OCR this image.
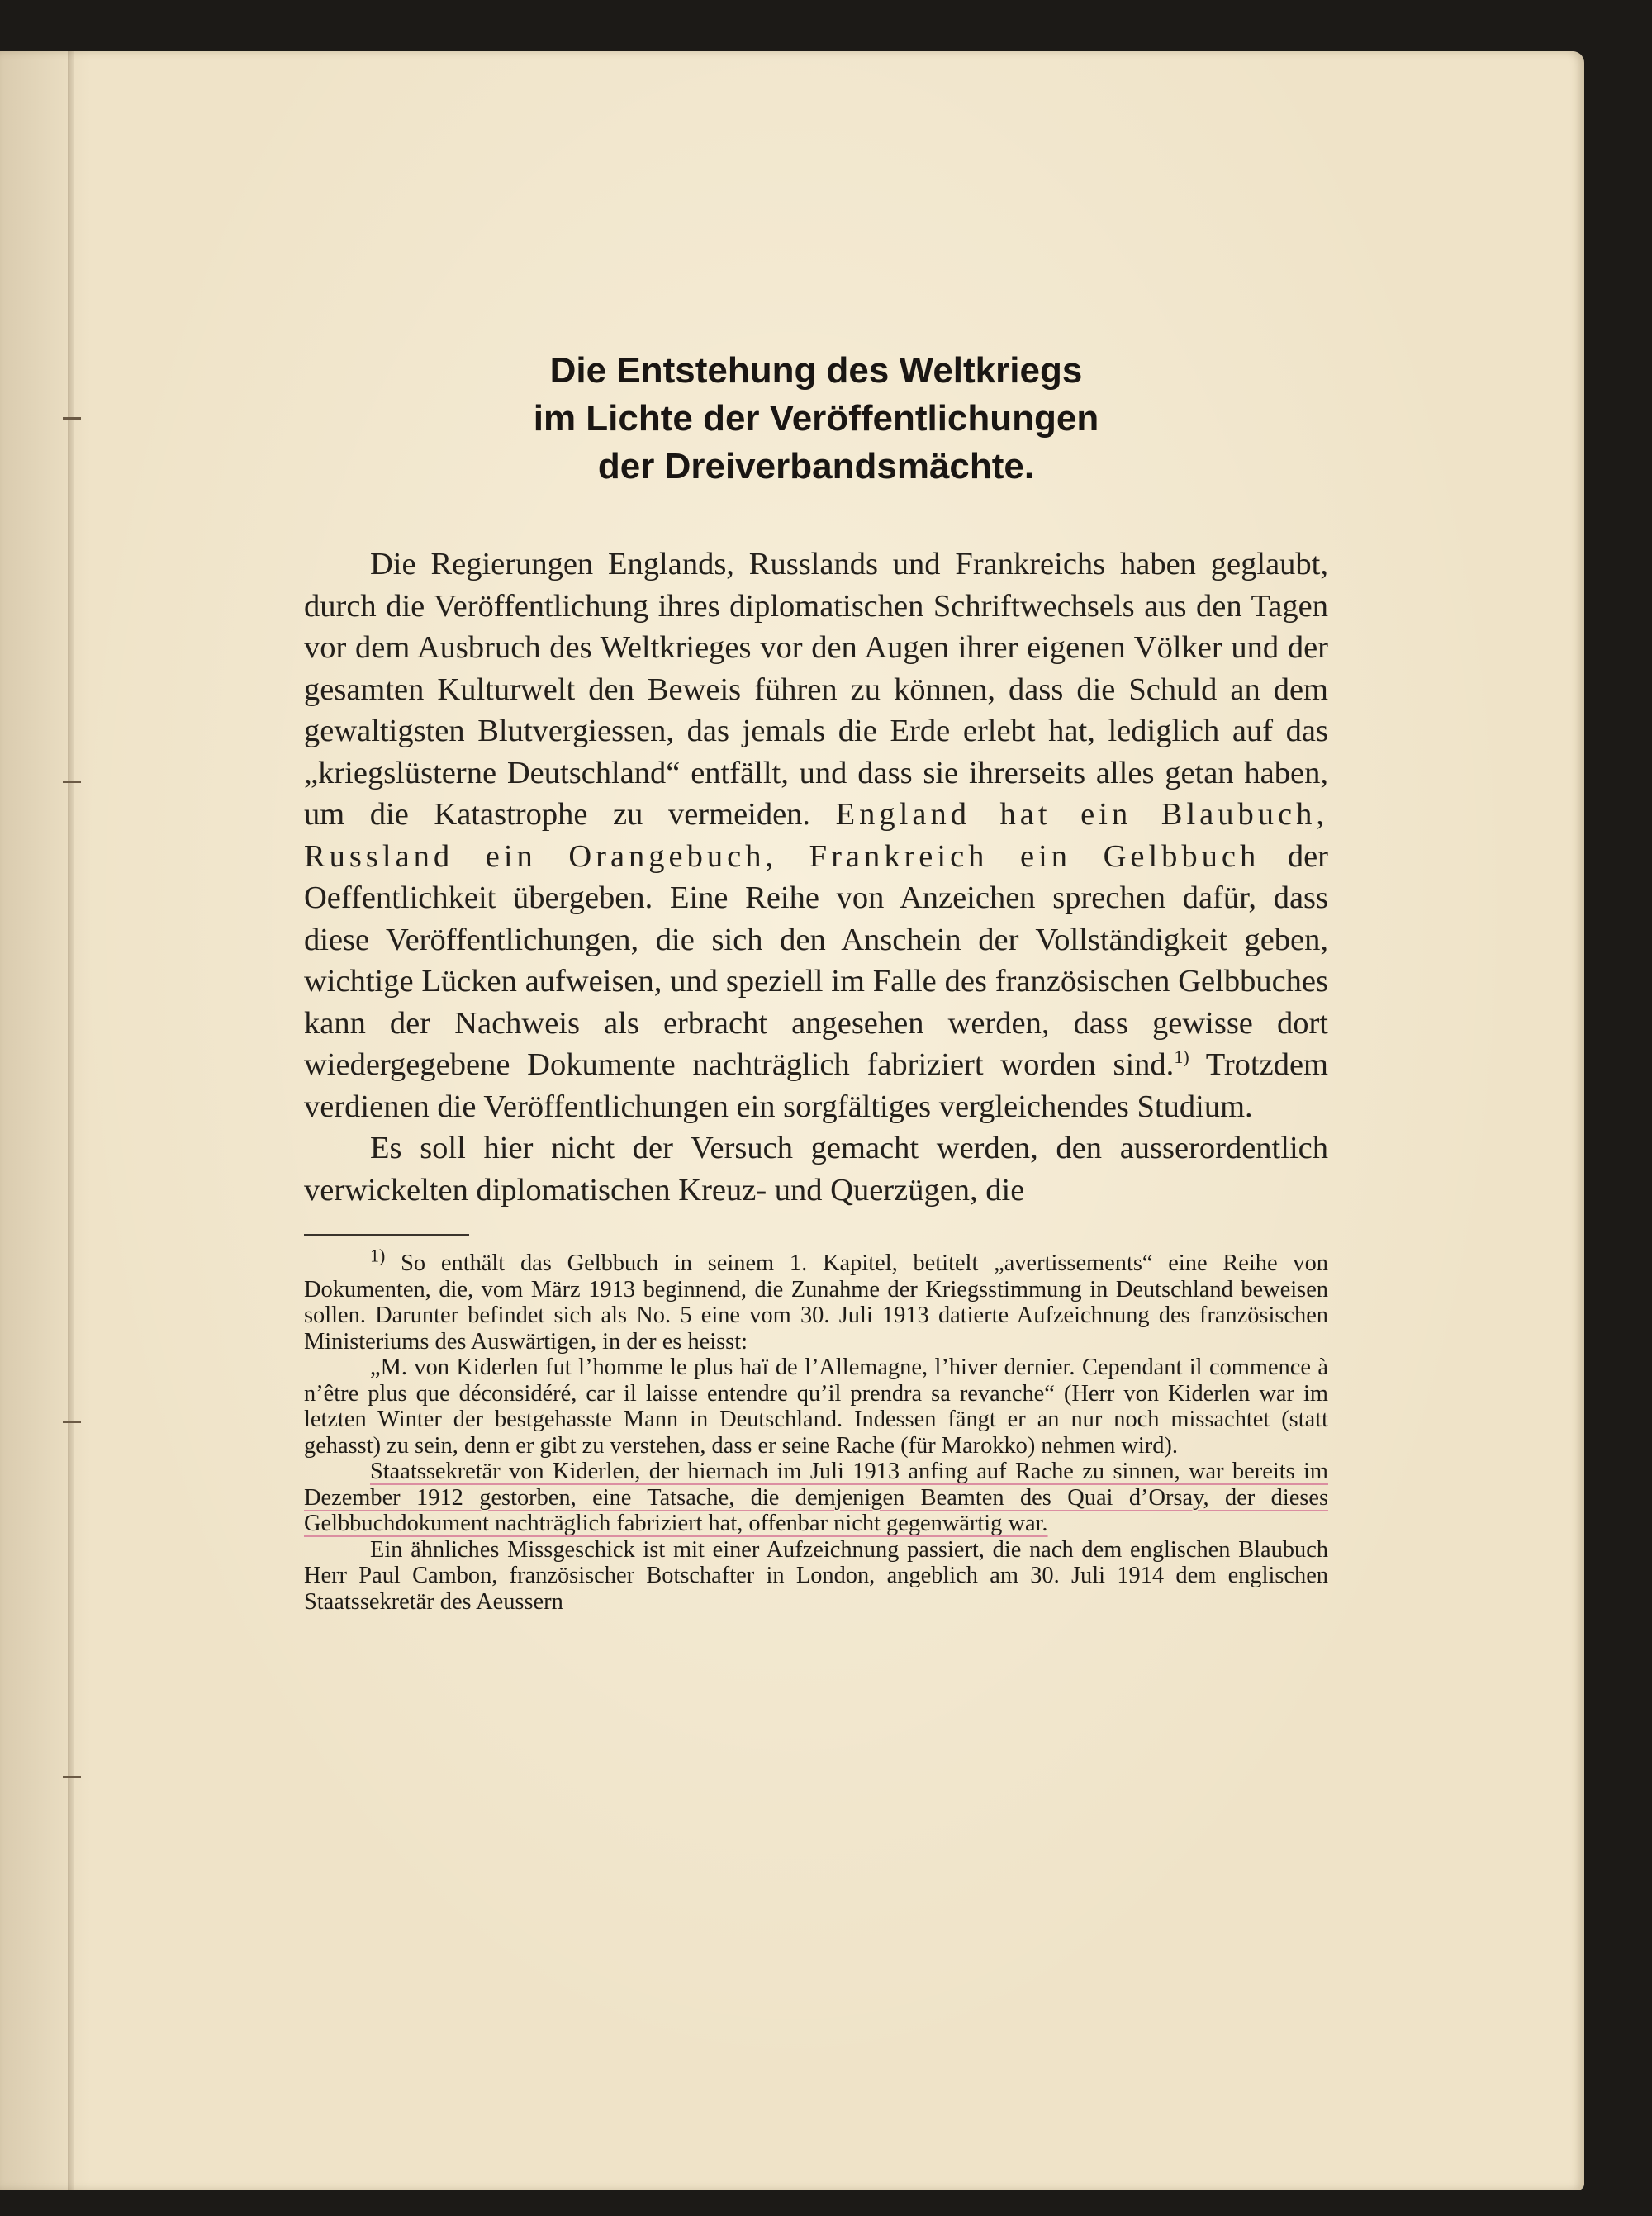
Die Entstehung des Weltkriegs
im Lichte der Veröffentlichungen
der Dreiverbandsmächte.

Die Regierungen Englands, Russlands und Frankreichs haben geglaubt, durch die Veröffentlichung ihres diplomatischen Schriftwechsels aus den Tagen vor dem Ausbruch des Weltkrieges vor den Augen ihrer eigenen Völker und der gesamten Kulturwelt den Beweis führen zu können, dass die Schuld an dem gewaltigsten Blutvergiessen, das jemals die Erde erlebt hat, lediglich auf das „kriegslüsterne Deutschland“ entfällt, und dass sie ihrerseits alles getan haben, um die Katastrophe zu vermeiden. England hat ein Blaubuch, Russland ein Orangebuch, Frankreich ein Gelbbuch der Oeffentlichkeit übergeben. Eine Reihe von Anzeichen sprechen dafür, dass diese Veröffentlichungen, die sich den Anschein der Vollständigkeit geben, wichtige Lücken aufweisen, und speziell im Falle des französischen Gelbbuches kann der Nachweis als erbracht angesehen werden, dass gewisse dort wiedergegebene Dokumente nachträglich fabriziert worden sind.$^{1)}$ Trotzdem verdienen die Veröffentlichungen ein sorgfältiges vergleichendes Studium.

Es soll hier nicht der Versuch gemacht werden, den ausserordentlich verwickelten diplomatischen Kreuz- und Querzügen, die

$^{1)}$ So enthält das Gelbbuch in seinem 1. Kapitel, betitelt „avertissements“ eine Reihe von Dokumenten, die, vom März 1913 beginnend, die Zunahme der Kriegsstimmung in Deutschland beweisen sollen. Darunter befindet sich als No. 5 eine vom 30. Juli 1913 datierte Aufzeichnung des französischen Ministeriums des Auswärtigen, in der es heisst:

„M. von Kiderlen fut l’homme le plus haï de l’Allemagne, l’hiver dernier. Cependant il commence à n’être plus que déconsidéré, car il laisse entendre qu’il prendra sa revanche“ (Herr von Kiderlen war im letzten Winter der bestgehasste Mann in Deutschland. Indessen fängt er an nur noch missachtet (statt gehasst) zu sein, denn er gibt zu verstehen, dass er seine Rache (für Marokko) nehmen wird).

Staatssekretär von Kiderlen, der hiernach im Juli 1913 anfing auf Rache zu sinnen, war bereits im Dezember 1912 gestorben, eine Tatsache, die demjenigen Beamten des Quai d’Orsay, der dieses Gelbbuchdokument nachträglich fabriziert hat, offenbar nicht gegenwärtig war.

Ein ähnliches Missgeschick ist mit einer Aufzeichnung passiert, die nach dem englischen Blaubuch Herr Paul Cambon, französischer Botschafter in London, angeblich am 30. Juli 1914 dem englischen Staatssekretär des Aeussern
